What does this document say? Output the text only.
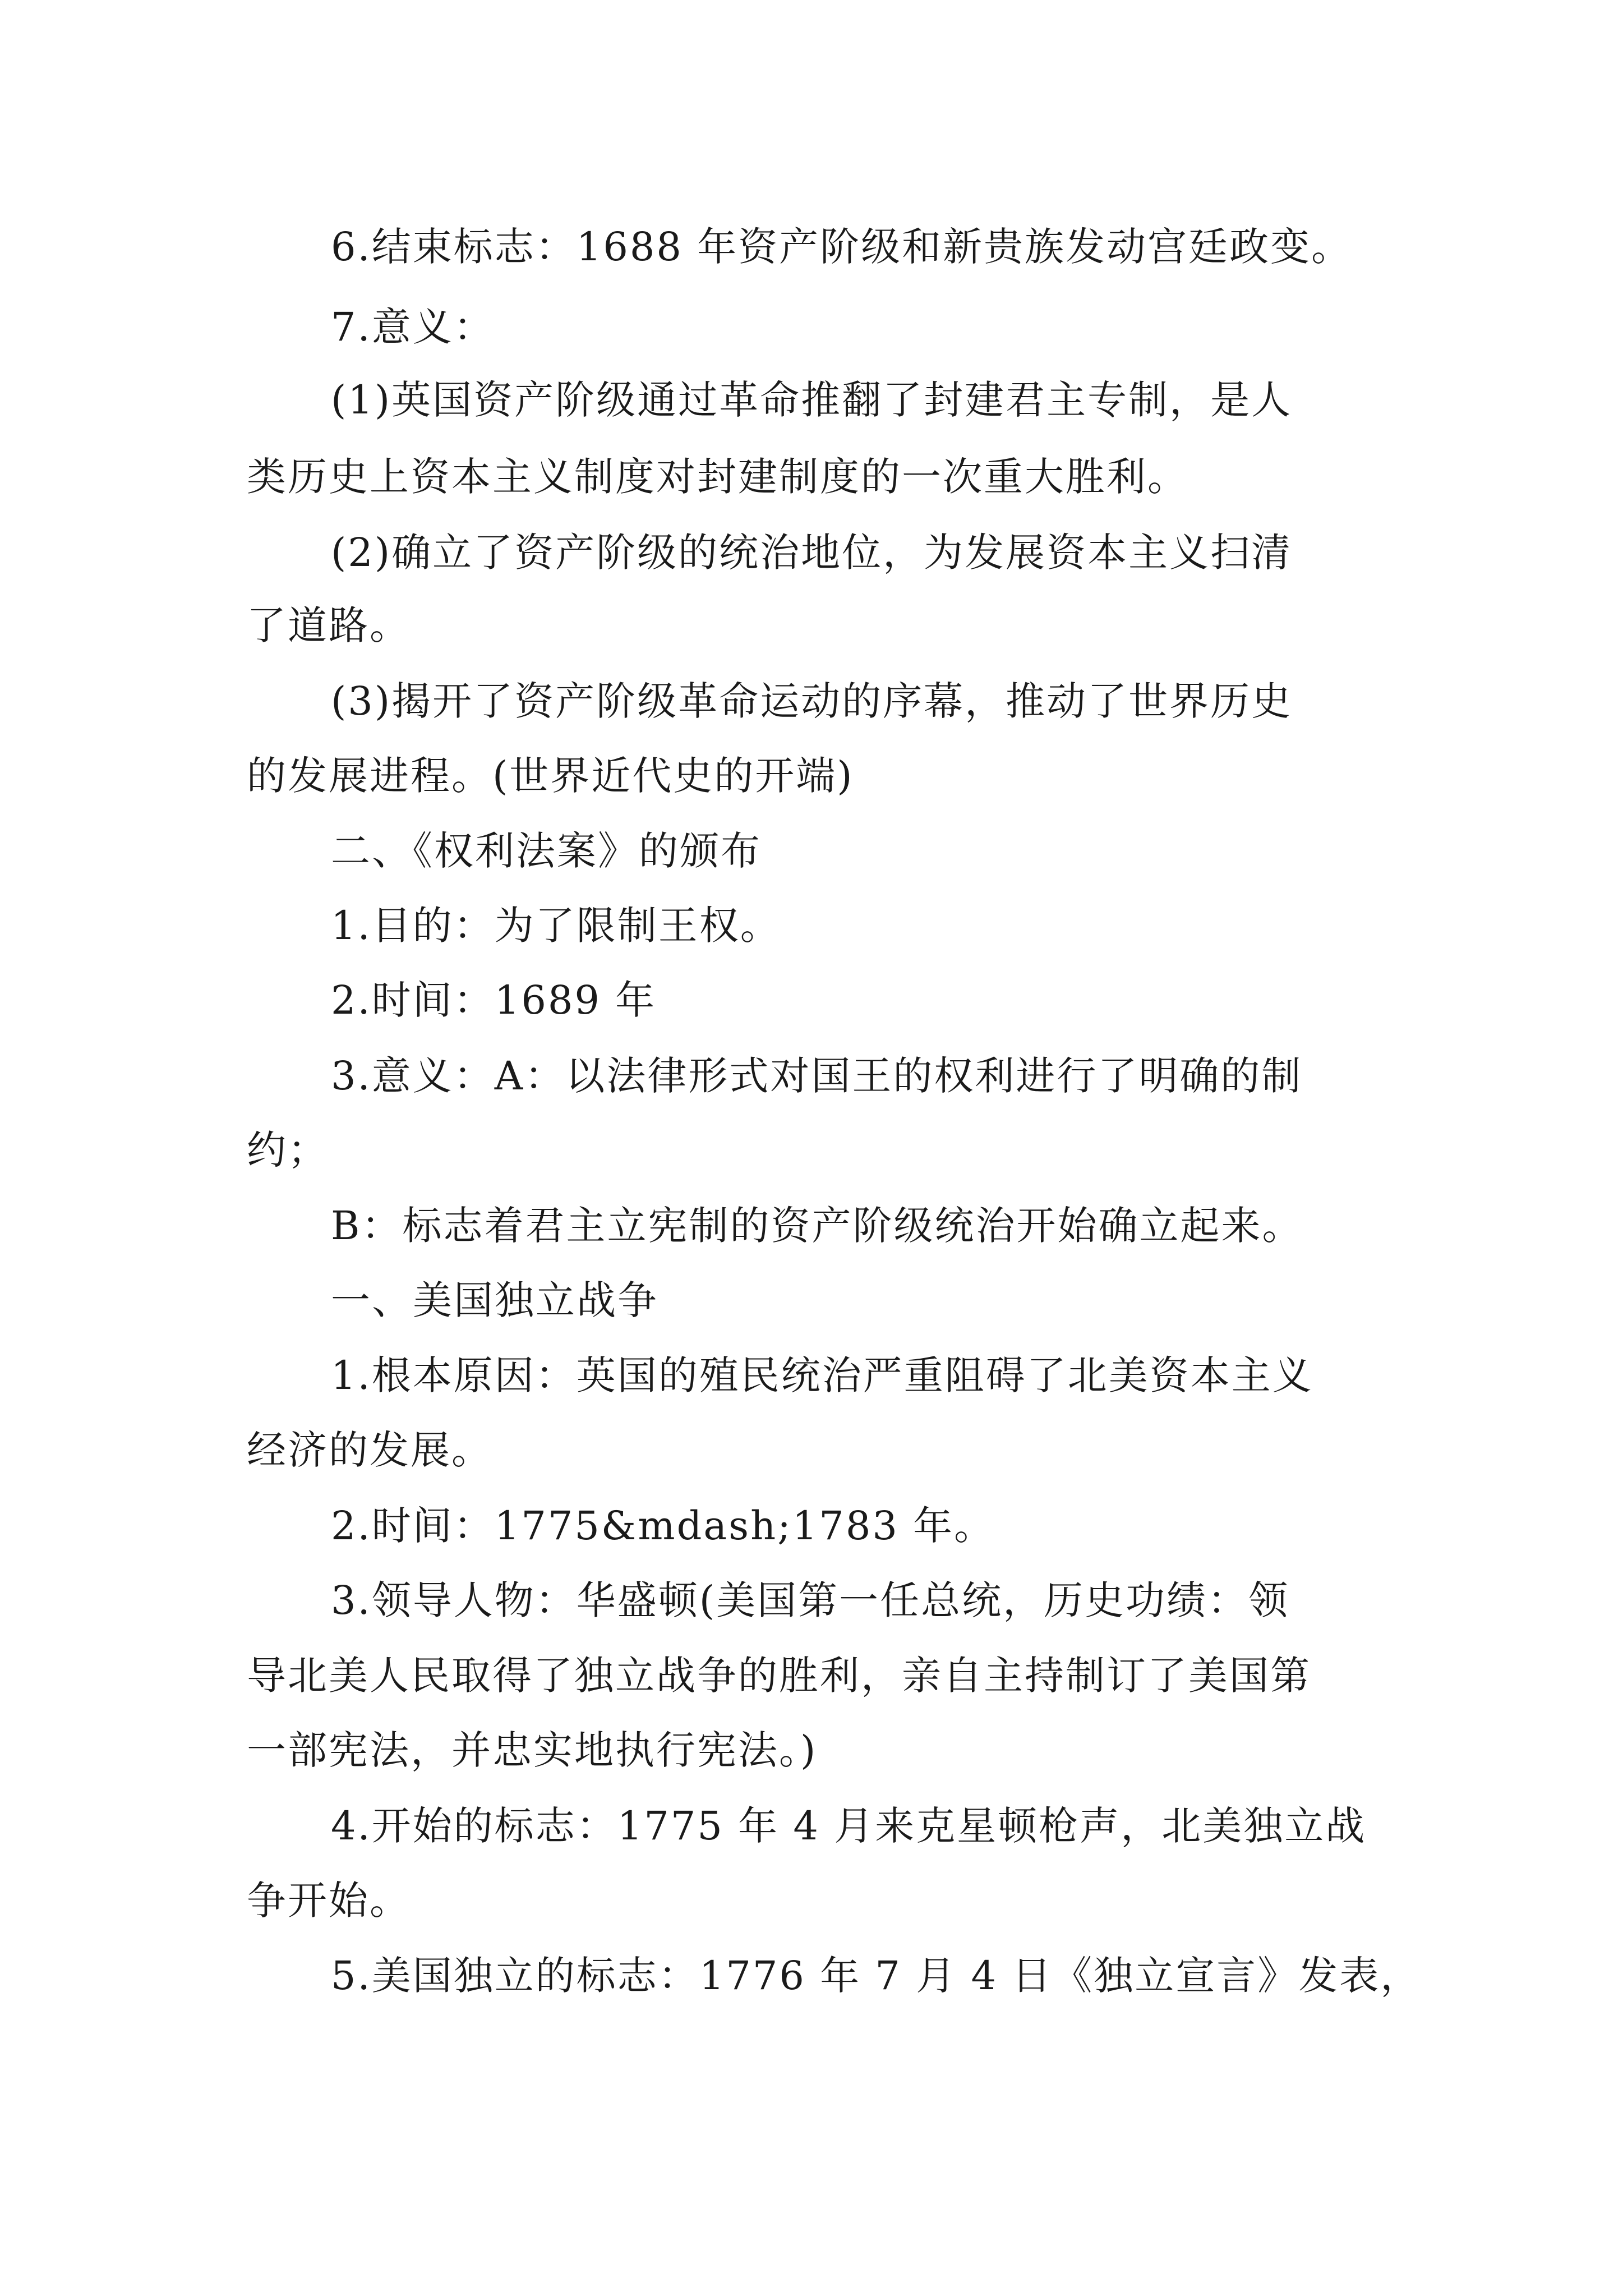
6.结束标志：1688 年资产阶级和新贵族发动宫廷政变。

7.意义：

(1)英国资产阶级通过革命推翻了封建君主专制，是人

类历史上资本主义制度对封建制度的一次重大胜利。

(2)确立了资产阶级的统治地位，为发展资本主义扫清

了道路。

(3)揭开了资产阶级革命运动的序幕，推动了世界历史

的发展进程。(世界近代史的开端)

二、《权利法案》的颁布

1.目的：为了限制王权。

2.时间：1689 年

3.意义：A：以法律形式对国王的权利进行了明确的制

约；

B：标志着君主立宪制的资产阶级统治开始确立起来。

一、美国独立战争

1.根本原因：英国的殖民统治严重阻碍了北美资本主义

经济的发展。

2.时间：1775&mdash;1783 年。

3.领导人物：华盛顿(美国第一任总统，历史功绩：领

导北美人民取得了独立战争的胜利，亲自主持制订了美国第

一部宪法，并忠实地执行宪法。)

4.开始的标志：1775 年 4 月来克星顿枪声，北美独立战

争开始。

5.美国独立的标志：1776 年 7 月 4 日《独立宣言》发表，
